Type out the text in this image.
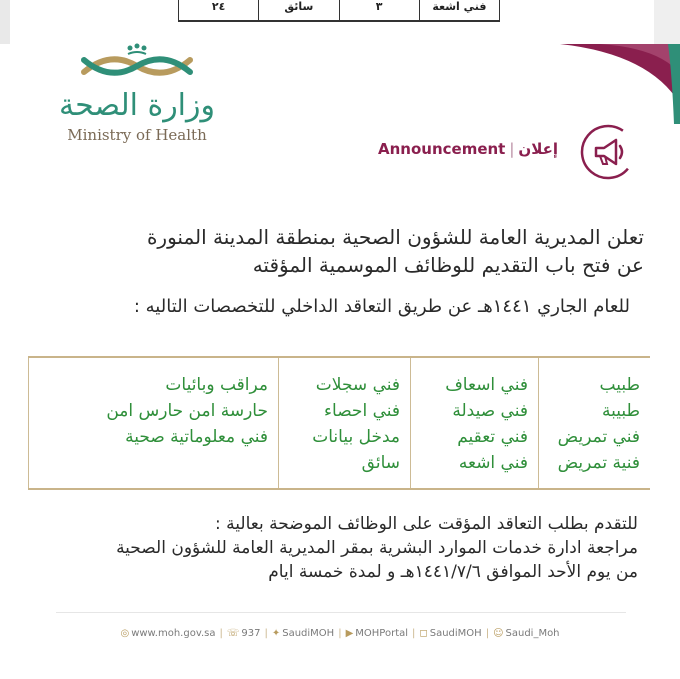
فني اشعة
٣
سائق
٢٤
وزارة الصحة
Ministry of Health
Announcement | إعلان
تعلن المديرية العامة للشؤون الصحية بمنطقة المدينة المنورة
عن فتح باب التقديم للوظائف الموسمية المؤقته
للعام الجاري ١٤٤١هـ عن طريق التعاقد الداخلي للتخصصات التاليه :
طبيب
طبيبة
فني تمريض
فنية تمريض
فني اسعاف
فني صيدلة
فني تعقيم
فني اشعه
فني سجلات
فني احصاء
مدخل بيانات
سائق
مراقب وبائيات
حارسة امن حارس امن
فني معلوماتية صحية
للتقدم بطلب التعاقد المؤقت على الوظائف الموضحة بعالية :
مراجعة ادارة خدمات الموارد البشرية بمقر المديرية العامة للشؤون الصحية
من يوم الأحد الموافق ١٤٤١/٧/٦هـ و لمدة خمسة ايام
◎ www.moh.gov.sa | ☏ 937 | ✦ SaudiMOH | ▶ MOHPortal | ◻ SaudiMOH | ☺ Saudi_Moh
